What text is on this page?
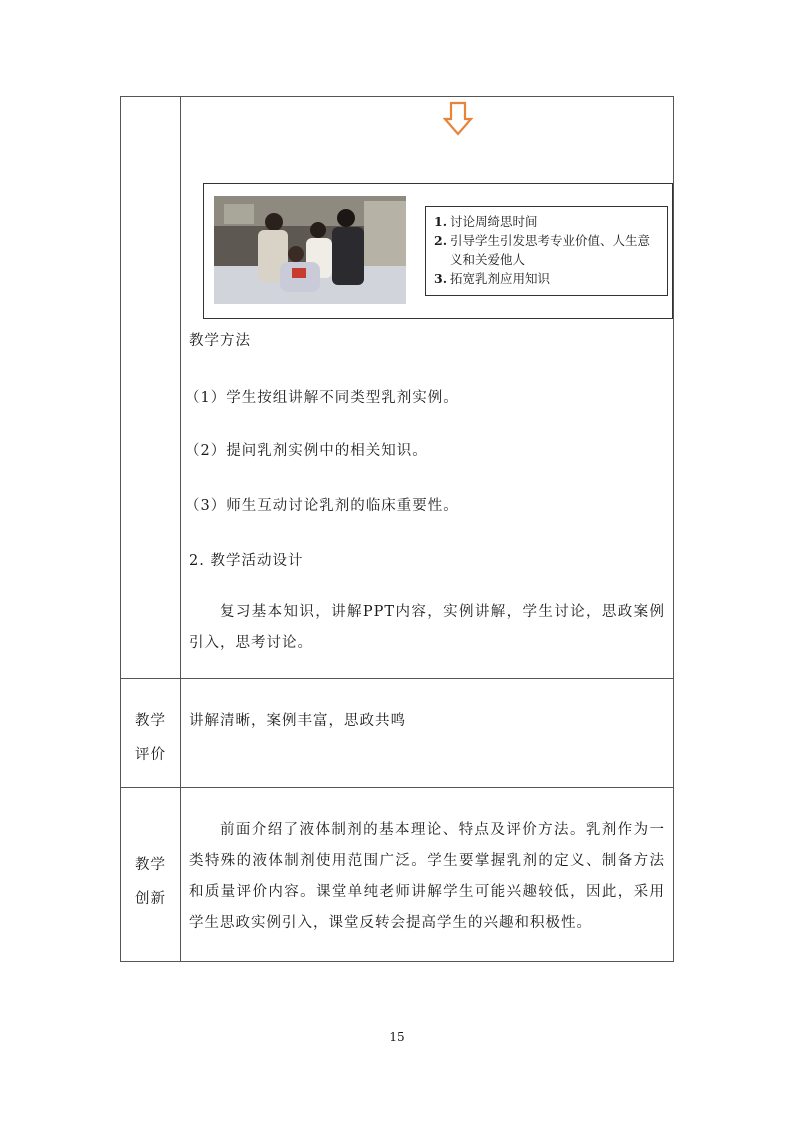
1. 讨论周绮思时间
2. 引导学生引发思考专业价值、人生意义和关爱他人
3. 拓宽乳剂应用知识
教学方法
（1）学生按组讲解不同类型乳剂实例。
（2）提问乳剂实例中的相关知识。
（3）师生互动讨论乳剂的临床重要性。
2. 教学活动设计
复习基本知识，讲解PPT内容，实例讲解，学生讨论，思政案例引入，思考讨论。
教学
评价
讲解清晰，案例丰富，思政共鸣
教学
创新
前面介绍了液体制剂的基本理论、特点及评价方法。乳剂作为一类特殊的液体制剂使用范围广泛。学生要掌握乳剂的定义、制备方法和质量评价内容。课堂单纯老师讲解学生可能兴趣较低，因此，采用学生思政实例引入，课堂反转会提高学生的兴趣和积极性。
15
